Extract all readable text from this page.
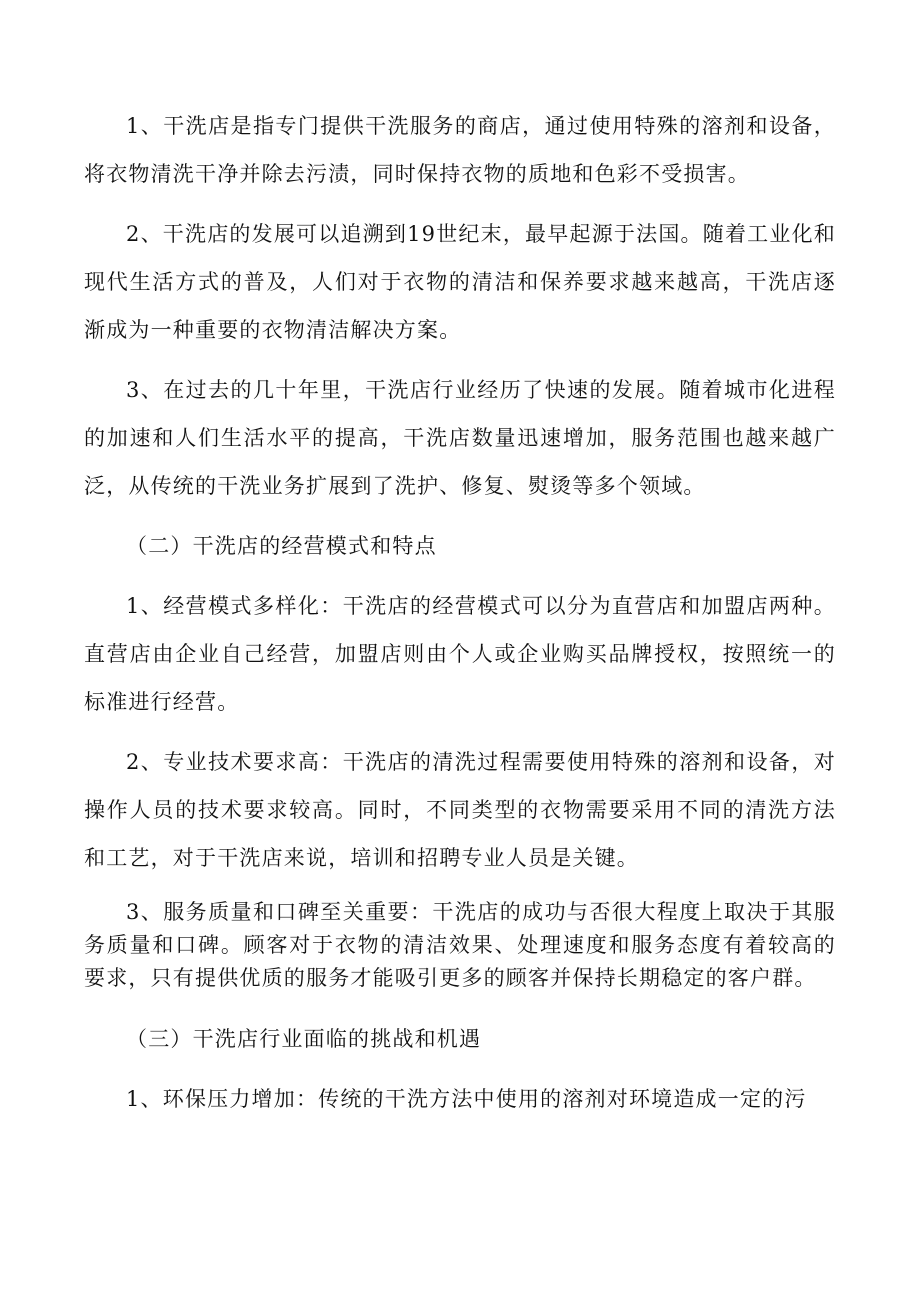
1、干洗店是指专门提供干洗服务的商店，通过使用特殊的溶剂和设备，将衣物清洗干净并除去污渍，同时保持衣物的质地和色彩不受损害。

2、干洗店的发展可以追溯到19世纪末，最早起源于法国。随着工业化和现代生活方式的普及，人们对于衣物的清洁和保养要求越来越高，干洗店逐渐成为一种重要的衣物清洁解决方案。

3、在过去的几十年里，干洗店行业经历了快速的发展。随着城市化进程的加速和人们生活水平的提高，干洗店数量迅速增加，服务范围也越来越广泛，从传统的干洗业务扩展到了洗护、修复、熨烫等多个领域。

（二）干洗店的经营模式和特点

1、经营模式多样化：干洗店的经营模式可以分为直营店和加盟店两种。直营店由企业自己经营，加盟店则由个人或企业购买品牌授权，按照统一的标准进行经营。

2、专业技术要求高：干洗店的清洗过程需要使用特殊的溶剂和设备，对操作人员的技术要求较高。同时，不同类型的衣物需要采用不同的清洗方法和工艺，对于干洗店来说，培训和招聘专业人员是关键。

3、服务质量和口碑至关重要：干洗店的成功与否很大程度上取决于其服务质量和口碑。顾客对于衣物的清洁效果、处理速度和服务态度有着较高的要求，只有提供优质的服务才能吸引更多的顾客并保持长期稳定的客户群。

（三）干洗店行业面临的挑战和机遇

1、环保压力增加：传统的干洗方法中使用的溶剂对环境造成一定的污
